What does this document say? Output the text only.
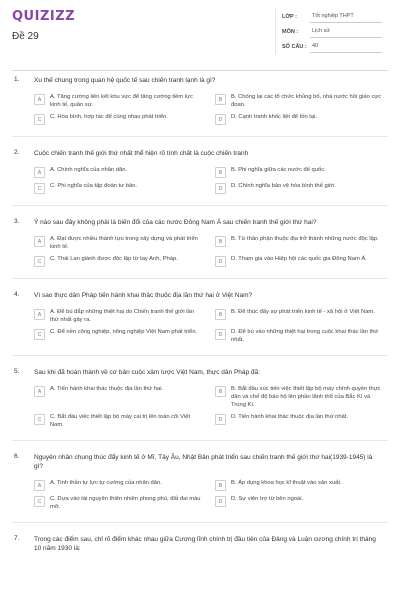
QUIZIZZ
Đề 29
LỚP :	Tốt nghiệp THPT
MÔN :	Lịch sử
SỐ CÂU : 40
1. Xu thế chung trong quan hệ quốc tế sau chiến tranh lạnh là gì?
A	A. Tăng cường liên kết khu vực để tăng cường tiềm lực kinh tế, quân sự.
B	B. Chống lại các tổ chức khủng bố, nhà nước hồi giáo cực đoan.
C	C. Hòa bình, hợp tác để cùng nhau phát triển.	D	D. Cạnh tranh khốc liệt để tồn tại.
2. Cuộc chiến tranh thế giới thứ nhất thể hiện rõ tính chất là cuộc chiến tranh
A	A. Chính nghĩa của nhân dân.	B	B. Phi nghĩa giữa các nước đế quốc.
C	C. Phi nghĩa của tập đoàn tư bản.	D	D. Chính nghĩa bảo vệ hòa bình thế giới.
3. Ý nào sau đây không phải là biến đổi của các nước Đông Nam Á sau chiến tranh thế giới thứ hai?
A	A. Đạt được nhiều thành tựu trong xây dựng và phát triển kinh tế.
B	B. Từ thân phận thuộc địa trở thành những nước độc lập.
C	C. Thái Lan giành được độc lập từ tay Anh, Pháp.	D	D. Tham gia vào Hiệp hội các quốc gia Đông Nam Á.
4. Vì sao thực dân Pháp tiến hành khai thác thuộc địa lần thứ hai ở Việt Nam?
A	A. Để bù đắp những thiệt hại do Chiến tranh thế giới lần thứ nhất gây ra.
B	B. Để thúc đẩy sự phát triển kinh tế - xã hội ở Việt Nam.
C	C. Để nền công nghiệp, nông nghiệp Việt Nam phát triển.	D	D. Để bù vào những thiệt hại trong cuộc khai thác lần thứ nhất.
5. Sau khi đã hoàn thành về cơ bản cuộc xâm lược Việt Nam, thực dân Pháp đã:
A	A. Tiến hành khai thác thuộc địa lần thứ hai.	B	B. Bắt đầu xúc tiến việc thiết lập bộ máy chính quyền thực dân và chế độ bảo hộ lên phần lãnh thổ của Bắc Kì và Trung Kì.
C	C. Bắt đầu việc thiết lập bộ máy cai trị lên toàn cõi Việt Nam.
D	D. Tiến hành khai thác thuộc địa lần thứ nhất.
6. Nguyên nhân chung thúc đẩy kinh tế ở Mĩ, Tây Âu, Nhật Bản phát triển sau chiến tranh thế giới thứ hai(1939-1945) là gì?
A	A. Tinh thần tự lực tự cường của nhân dân.	B	B. Áp dụng khoa học kĩ thuật vào sản xuất.
C	C. Dựa vào tài nguyên thiên nhiên phong phú, đất đai màu mỡ.
D	D. Sự viện trợ từ bên ngoài.
7. Trong các điểm sau, chỉ rõ điểm khác nhau giữa Cương lĩnh chính trị đầu tiên của Đảng và Luận cương chính trị tháng 10 năm 1930 là:
